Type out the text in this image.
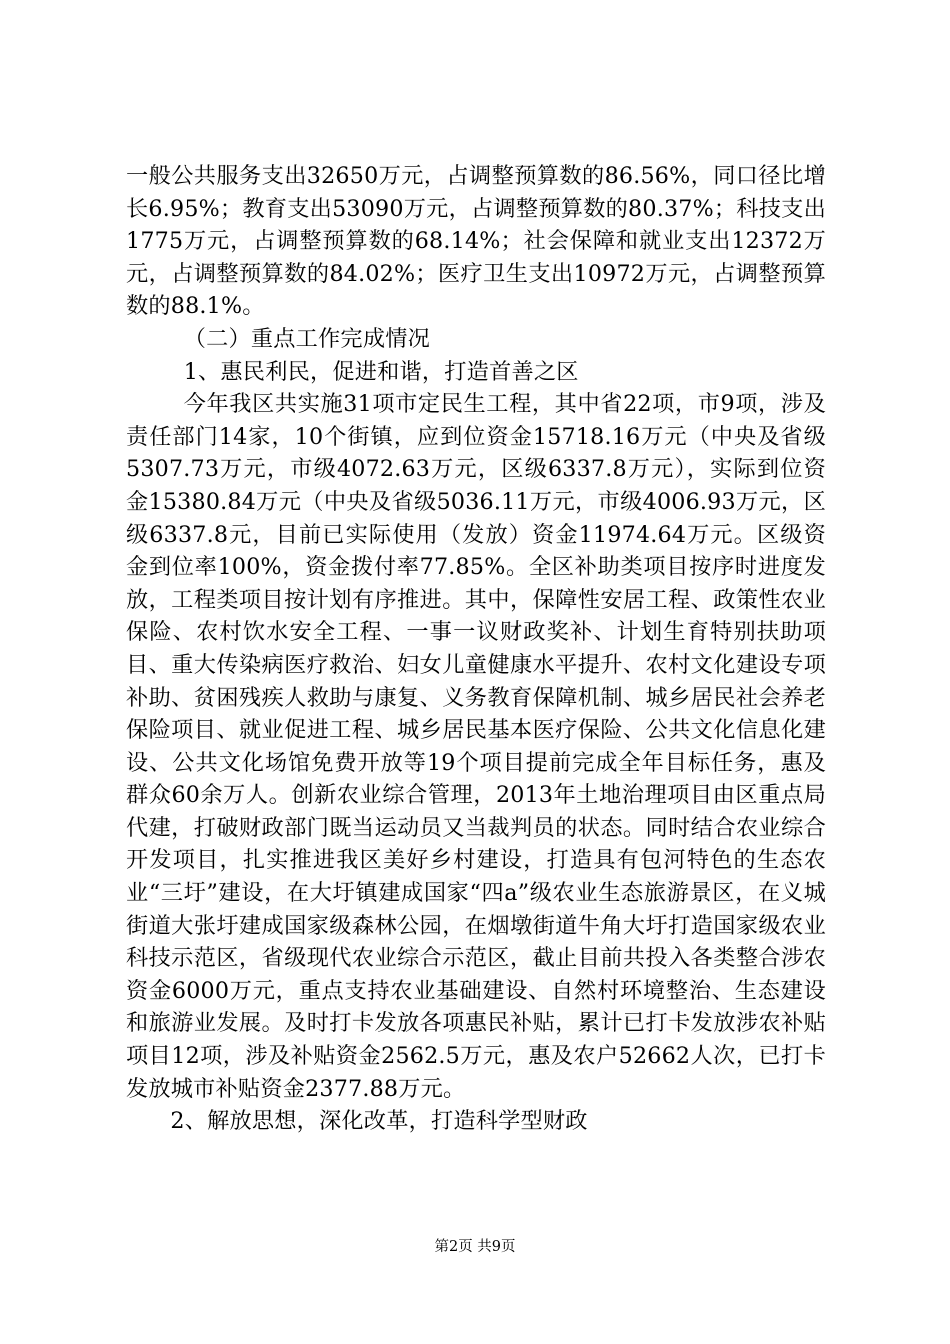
一般公共服务支出32650万元，占调整预算数的86.56%，同口径比增长6.95%；教育支出53090万元，占调整预算数的80.37%；科技支出1775万元，占调整预算数的68.14%；社会保障和就业支出12372万元，占调整预算数的84.02%；医疗卫生支出10972万元，占调整预算数的88.1%。

（二）重点工作完成情况

1、惠民利民，促进和谐，打造首善之区

今年我区共实施31项市定民生工程，其中省22项，市9项，涉及责任部门14家，10个街镇，应到位资金15718.16万元（中央及省级5307.73万元，市级4072.63万元，区级6337.8万元），实际到位资金15380.84万元（中央及省级5036.11万元，市级4006.93万元，区级6337.8元，目前已实际使用（发放）资金11974.64万元。区级资金到位率100%，资金拨付率77.85%。全区补助类项目按序时进度发放，工程类项目按计划有序推进。其中，保障性安居工程、政策性农业保险、农村饮水安全工程、一事一议财政奖补、计划生育特别扶助项目、重大传染病医疗救治、妇女儿童健康水平提升、农村文化建设专项补助、贫困残疾人救助与康复、义务教育保障机制、城乡居民社会养老保险项目、就业促进工程、城乡居民基本医疗保险、公共文化信息化建设、公共文化场馆免费开放等19个项目提前完成全年目标任务，惠及群众60余万人。创新农业综合管理，2013年土地治理项目由区重点局代建，打破财政部门既当运动员又当裁判员的状态。同时结合农业综合开发项目，扎实推进我区美好乡村建设，打造具有包河特色的生态农业“三圩”建设，在大圩镇建成国家“四a”级农业生态旅游景区，在义城街道大张圩建成国家级森林公园，在烟墩街道牛角大圩打造国家级农业科技示范区，省级现代农业综合示范区，截止目前共投入各类整合涉农资金6000万元，重点支持农业基础建设、自然村环境整治、生态建设和旅游业发展。及时打卡发放各项惠民补贴，累计已打卡发放涉农补贴项目12项，涉及补贴资金2562.5万元，惠及农户52662人次，已打卡发放城市补贴资金2377.88万元。

2、解放思想，深化改革，打造科学型财政

第2页 共9页
